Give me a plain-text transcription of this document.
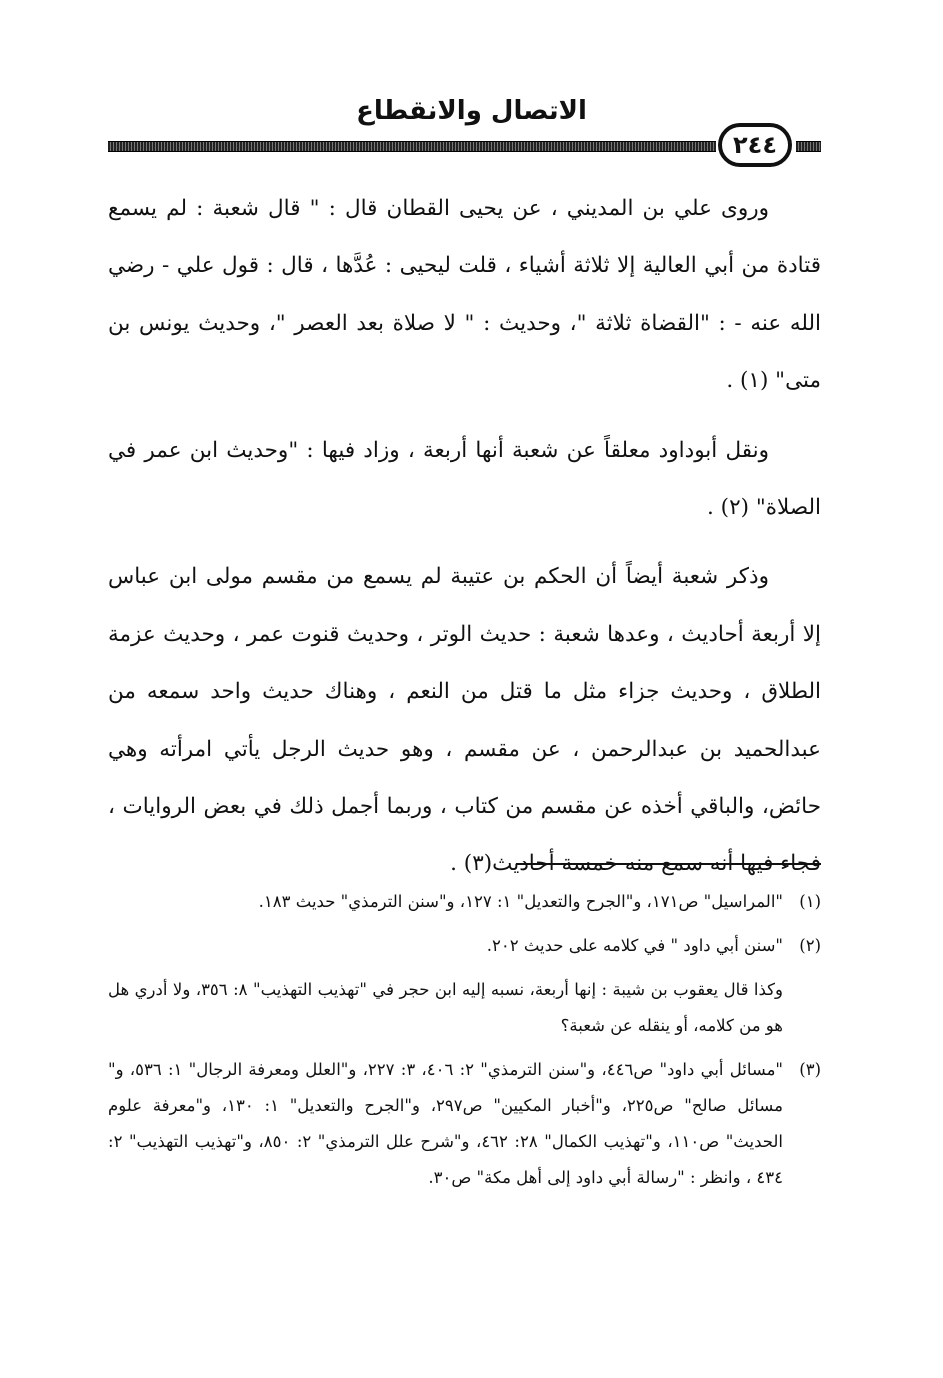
الاتصال والانقطاع
٢٤٤

وروى علي بن المديني ، عن يحيى القطان قال : " قال شعبة : لم يسمع قتادة من أبي العالية إلا ثلاثة أشياء ، قلت ليحيى : عُدَّها ، قال : قول علي - رضي الله عنه - : "القضاة ثلاثة "، وحديث : " لا صلاة بعد العصر "، وحديث يونس بن متى" (١) .

ونقل أبوداود معلقاً عن شعبة أنها أربعة ، وزاد فيها : "وحديث ابن عمر في الصلاة" (٢) .

وذكر شعبة أيضاً أن الحكم بن عتيبة لم يسمع من مقسم مولى ابن عباس إلا أربعة أحاديث ، وعدها شعبة : حديث الوتر ، وحديث قنوت عمر ، وحديث عزمة الطلاق ، وحديث جزاء مثل ما قتل من النعم ، وهناك حديث واحد سمعه من عبدالحميد بن عبدالرحمن ، عن مقسم ، وهو حديث الرجل يأتي امرأته وهي حائض، والباقي أخذه عن مقسم من كتاب ، وربما أجمل ذلك في بعض الروايات ، فجاء فيها أنه سمع منه خمسة أحاديث(٣) .

(١)
"المراسيل" ص١٧١، و"الجرح والتعديل" ١: ١٢٧، و"سنن الترمذي" حديث ١٨٣.
(٢)
"سنن أبي داود " في كلامه على حديث ٢٠٢.
وكذا قال يعقوب بن شيبة : إنها أربعة، نسبه إليه ابن حجر في "تهذيب التهذيب" ٨: ٣٥٦، ولا أدري هل هو من كلامه، أو ينقله عن شعبة؟
(٣)
"مسائل أبي داود" ص٤٤٦، و"سنن الترمذي" ٢: ٤٠٦، ٣: ٢٢٧، و"العلل ومعرفة الرجال" ١: ٥٣٦، و" مسائل صالح" ص٢٢٥، و"أخبار المكيين" ص٢٩٧، و"الجرح والتعديل" ١: ١٣٠، و"معرفة علوم الحديث" ص١١٠، و"تهذيب الكمال" ٢٨: ٤٦٢، و"شرح علل الترمذي" ٢: ٨٥٠، و"تهذيب التهذيب" ٢: ٤٣٤ ، وانظر : "رسالة أبي داود إلى أهل مكة" ص٣٠.
